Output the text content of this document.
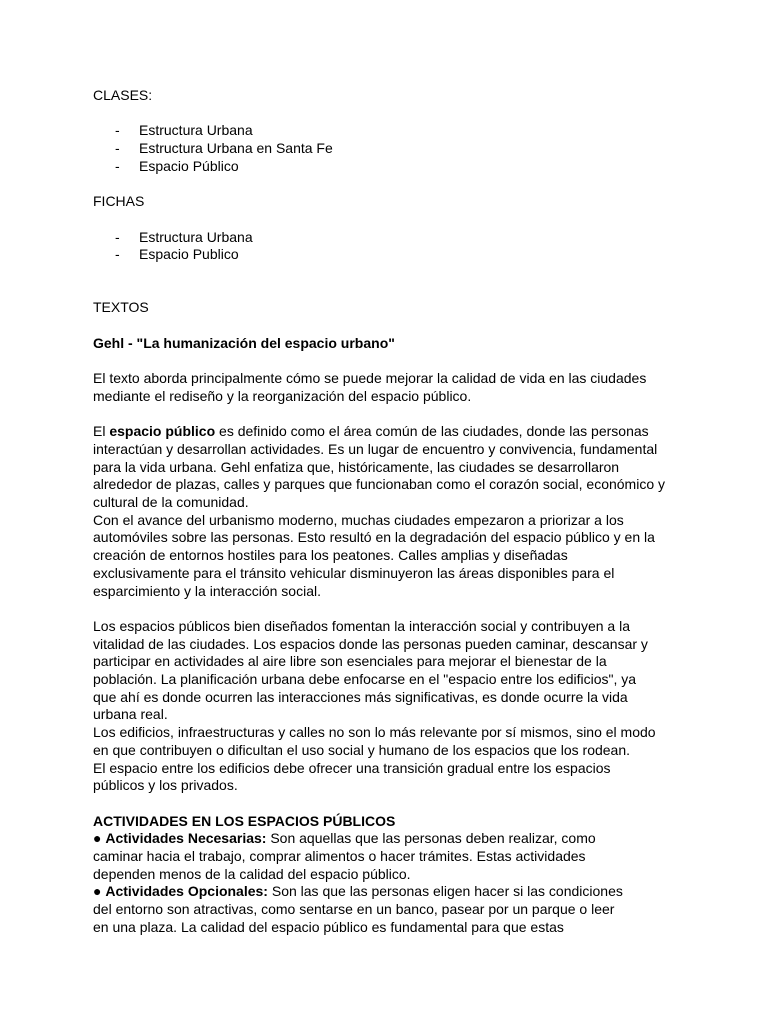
CLASES:
- Estructura Urbana
- Estructura Urbana en Santa Fe
- Espacio Público
FICHAS
- Estructura Urbana
- Espacio Publico
TEXTOS
Gehl - "La humanización del espacio urbano"
El texto aborda principalmente cómo se puede mejorar la calidad de vida en las ciudades
mediante el rediseño y la reorganización del espacio público.
El espacio público es definido como el área común de las ciudades, donde las personas
interactúan y desarrollan actividades. Es un lugar de encuentro y convivencia, fundamental
para la vida urbana. Gehl enfatiza que, históricamente, las ciudades se desarrollaron
alrededor de plazas, calles y parques que funcionaban como el corazón social, económico y
cultural de la comunidad.
Con el avance del urbanismo moderno, muchas ciudades empezaron a priorizar a los
automóviles sobre las personas. Esto resultó en la degradación del espacio público y en la
creación de entornos hostiles para los peatones. Calles amplias y diseñadas
exclusivamente para el tránsito vehicular disminuyeron las áreas disponibles para el
esparcimiento y la interacción social.
Los espacios públicos bien diseñados fomentan la interacción social y contribuyen a la
vitalidad de las ciudades. Los espacios donde las personas pueden caminar, descansar y
participar en actividades al aire libre son esenciales para mejorar el bienestar de la
población. La planificación urbana debe enfocarse en el "espacio entre los edificios", ya
que ahí es donde ocurren las interacciones más significativas, es donde ocurre la vida
urbana real.
Los edificios, infraestructuras y calles no son lo más relevante por sí mismos, sino el modo
en que contribuyen o dificultan el uso social y humano de los espacios que los rodean.
El espacio entre los edificios debe ofrecer una transición gradual entre los espacios
públicos y los privados.
ACTIVIDADES EN LOS ESPACIOS PÚBLICOS
● Actividades Necesarias: Son aquellas que las personas deben realizar, como
caminar hacia el trabajo, comprar alimentos o hacer trámites. Estas actividades
dependen menos de la calidad del espacio público.
● Actividades Opcionales: Son las que las personas eligen hacer si las condiciones
del entorno son atractivas, como sentarse en un banco, pasear por un parque o leer
en una plaza. La calidad del espacio público es fundamental para que estas
